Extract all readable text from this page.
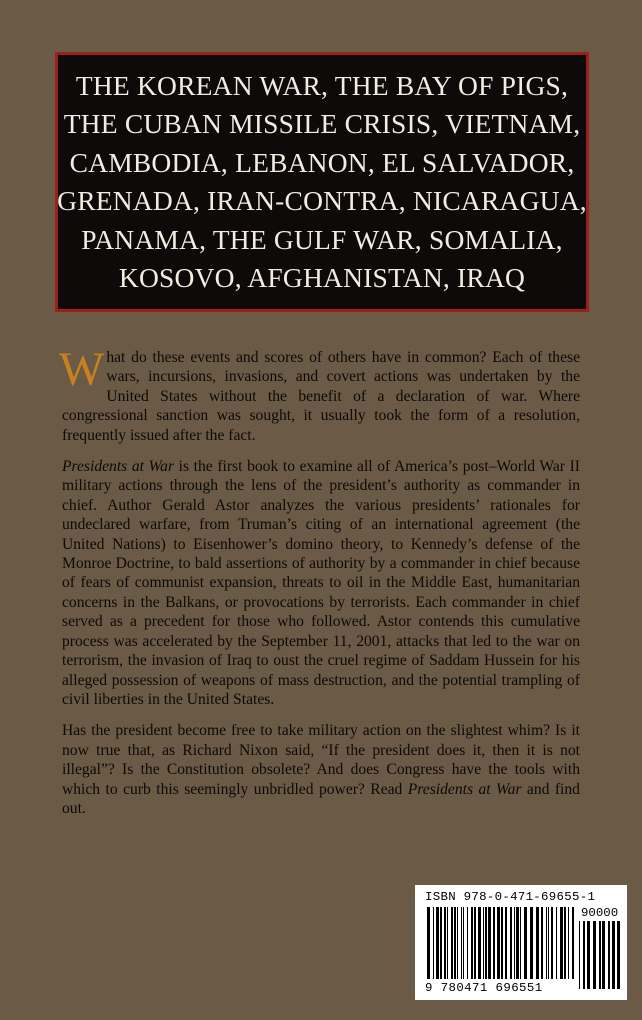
THE KOREAN WAR, THE BAY OF PIGS,
THE CUBAN MISSILE CRISIS, VIETNAM,
CAMBODIA, LEBANON, EL SALVADOR,
GRENADA, IRAN-CONTRA, NICARAGUA,
PANAMA, THE GULF WAR, SOMALIA,
KOSOVO, AFGHANISTAN, IRAQ

What do these events and scores of others have in common? Each of these wars, incursions, invasions, and covert actions was undertaken by the United States without the benefit of a declaration of war. Where congressional sanction was sought, it usually took the form of a resolution, frequently issued after the fact.

Presidents at War is the first book to examine all of America’s post–World War II military actions through the lens of the president’s authority as commander in chief. Author Gerald Astor analyzes the various presidents’ rationales for undeclared warfare, from Truman’s citing of an international agreement (the United Nations) to Eisenhower’s domino theory, to Kennedy’s defense of the Monroe Doctrine, to bald assertions of authority by a commander in chief because of fears of communist expansion, threats to oil in the Middle East, humanitarian concerns in the Balkans, or provocations by terrorists. Each commander in chief served as a precedent for those who followed. Astor contends this cumulative process was accelerated by the September 11, 2001, attacks that led to the war on terrorism, the invasion of Iraq to oust the cruel regime of Saddam Hussein for his alleged possession of weapons of mass destruction, and the potential trampling of civil liberties in the United States.

Has the president become free to take military action on the slightest whim? Is it now true that, as Richard Nixon said, “If the president does it, then it is not illegal”? Is the Constitution obsolete? And does Congress have the tools with which to curb this seemingly unbridled power? Read Presidents at War and find out.

ISBN 978-0-471-69655-1
90000
9 780471 696551
